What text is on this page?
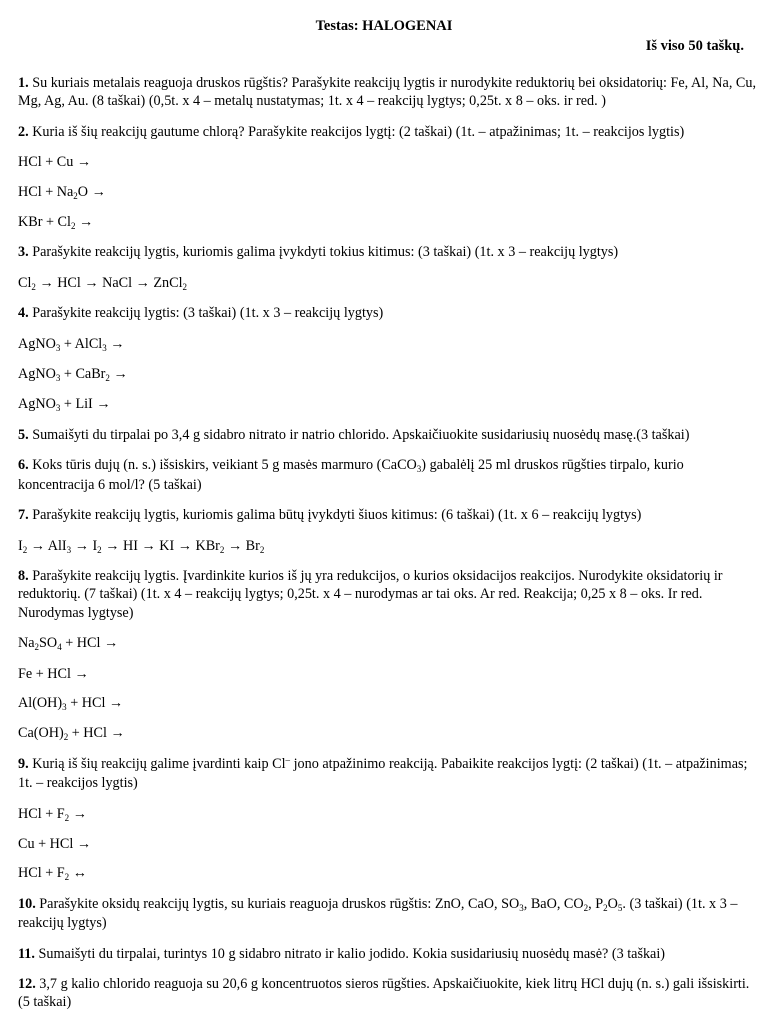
Testas: HALOGENAI
Iš viso 50 taškų.

1. Su kuriais metalais reaguoja druskos rūgštis? Parašykite reakcijų lygtis ir nurodykite reduktorių bei oksidatorių: Fe, Al, Na, Cu, Mg, Ag, Au. (8 taškai) (0,5t. x 4 – metalų nustatymas; 1t. x 4 – reakcijų lygtys; 0,25t. x 8 – oks. ir red. )

2. Kuria iš šių reakcijų gautume chlorą? Parašykite reakcijos lygtį: (2 taškai) (1t. – atpažinimas; 1t. – reakcijos lygtis)

HCl + Cu →

HCl + $Na_2O$ →

KBr + $Cl_2$ →

3. Parašykite reakcijų lygtis, kuriomis galima įvykdyti tokius kitimus: (3 taškai) (1t. x 3 – reakcijų lygtys)

$Cl_2$ → HCl → NaCl → ZnCl$_2$

4. Parašykite reakcijų lygtis: (3 taškai) (1t. x 3 – reakcijų lygtys)

AgNO$_3$ + AlCl$_3$ →

AgNO$_3$ + CaBr$_2$ →

AgNO$_3$ + LiI →

5. Sumaišyti du tirpalai po 3,4 g sidabro nitrato ir natrio chlorido. Apskaičiuokite susidariusių nuosėdų masę.(3 taškai)

6. Koks tūris dujų (n. s.) išsiskirs, veikiant 5 g masės marmuro (CaCO$_3$) gabalėlį 25 ml druskos rūgšties tirpalo, kurio koncentracija 6 mol/l? (5 taškai)

7. Parašykite reakcijų lygtis, kuriomis galima būtų įvykdyti šiuos kitimus: (6 taškai) (1t. x 6 – reakcijų lygtys)

$I_2 \to AlI_3 \to I_2$ → HI → KI → $KBr_2 \to Br_2$

8. Parašykite reakcijų lygtis. Įvardinkite kurios iš jų yra redukcijos, o kurios oksidacijos reakcijos. Nurodykite oksidatorių ir reduktorių. (7 taškai) (1t. x 4 – reakcijų lygtys; 0,25t. x 4 – nurodymas ar tai oks. Ar red. Reakcija; 0,25 x 8 – oks. Ir red. Nurodymas lygtyse)

$Na_2SO_4$ + HCl →

Fe + HCl →

$Al(OH)_3$ + HCl →

$Ca(OH)_2$ + HCl →

9. Kurią iš šių reakcijų galime įvardinti kaip Cl– jono atpažinimo reakciją. Pabaikite reakcijos lygtį: (2 taškai) (1t. – atpažinimas; 1t. – reakcijos lygtis)

HCl + $F_2$ →

Cu + HCl →

HCl + $F_2$ ↔

10. Parašykite oksidų reakcijų lygtis, su kuriais reaguoja druskos rūgštis: ZnO, CaO, $SO_3$, BaO, $CO_2$, $P_2O_5$. (3 taškai) (1t. x 3 – reakcijų lygtys)

11. Sumaišyti du tirpalai, turintys 10 g sidabro nitrato ir kalio jodido. Kokia susidariusių nuosėdų masė? (3 taškai)

12. 3,7 g kalio chlorido reaguoja su 20,6 g koncentruotos sieros rūgšties. Apskaičiuokite, kiek litrų HCl dujų (n. s.) gali išsiskirti. (5 taškai)
